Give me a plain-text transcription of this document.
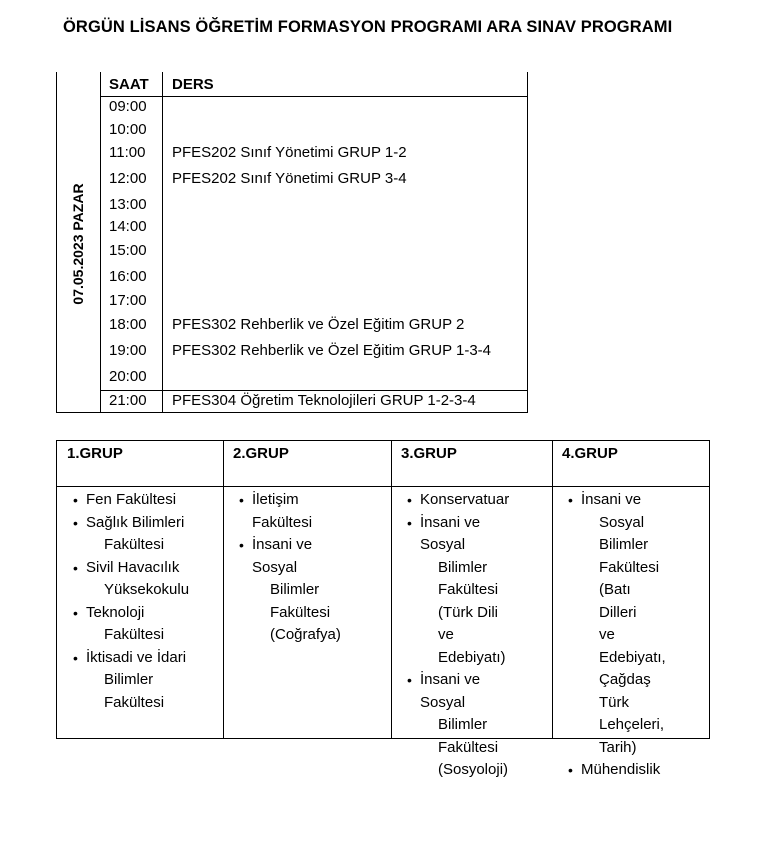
ÖRGÜN LİSANS ÖĞRETİM FORMASYON PROGRAMI ARA SINAV PROGRAMI
07.05.2023 PAZAR
SAAT DERS
09:00
10:00
11:00 PFES202 Sınıf Yönetimi GRUP 1-2
12:00 PFES202 Sınıf Yönetimi GRUP 3-4
13:00
14:00
15:00
16:00
17:00
18:00 PFES302 Rehberlik ve Özel Eğitim GRUP 2
19:00 PFES302 Rehberlik ve Özel Eğitim GRUP 1-3-4
20:00
21:00 PFES304 Öğretim Teknolojileri GRUP 1-2-3-4
1.GRUP
• Fen Fakültesi
• Sağlık Bilimleri
Fakültesi
• Sivil Havacılık
Yüksekokulu
• Teknoloji
Fakültesi
• İktisadi ve İdari
Bilimler
Fakültesi
2.GRUP
• İletişim Fakültesi
• İnsani ve Sosyal
Bilimler
Fakültesi
(Coğrafya)
3.GRUP
• Konservatuar
• İnsani ve Sosyal
Bilimler
Fakültesi
(Türk Dili ve
Edebiyatı)
• İnsani ve Sosyal
Bilimler
Fakültesi
(Sosyoloji)
4.GRUP
• İnsani ve
Sosyal
Bilimler
Fakültesi
(Batı Dilleri
ve Edebiyatı,
Çağdaş Türk
Lehçeleri,
Tarih)
• Mühendislik
